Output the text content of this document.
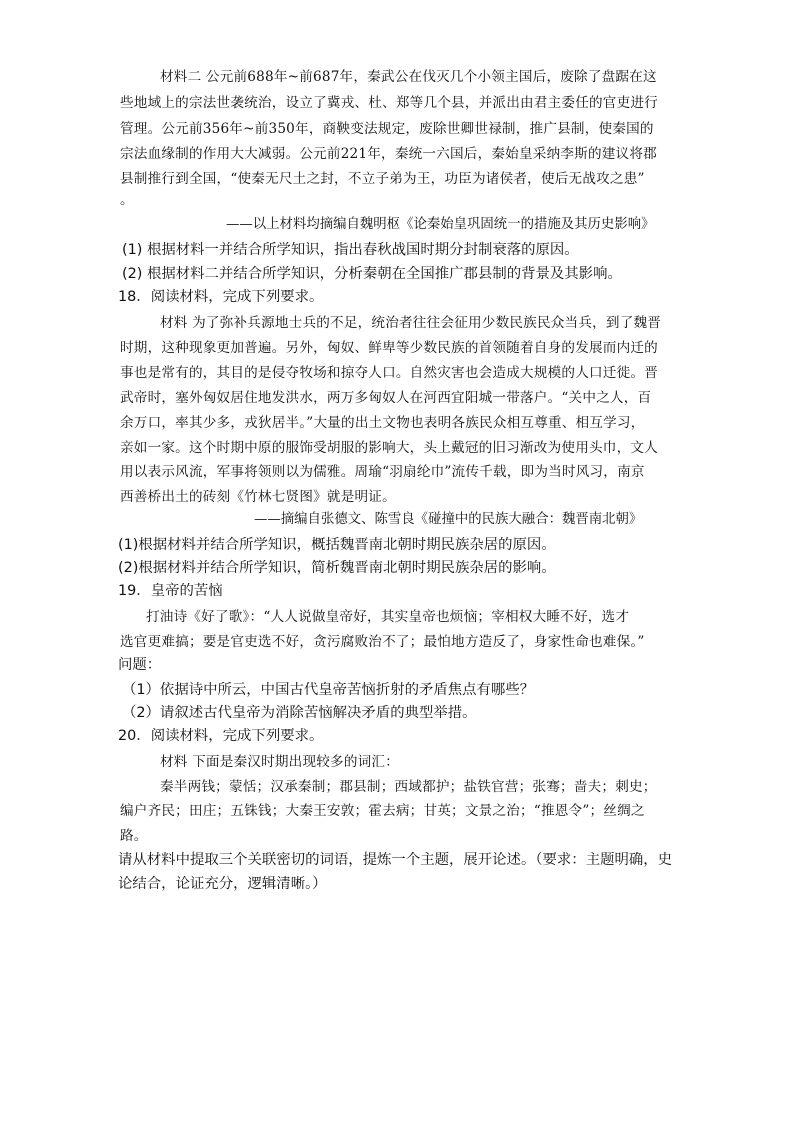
材料二 公元前688年~前687年，秦武公在伐灭几个小领主国后，废除了盘踞在这
些地域上的宗法世袭统治，设立了冀戎、杜、郑等几个县，并派出由君主委任的官吏进行
管理。公元前356年~前350年，商鞅变法规定，废除世卿世禄制，推广县制，使秦国的
宗法血缘制的作用大大减弱。公元前221年，秦统一六国后，秦始皇采纳李斯的建议将郡
县制推行到全国，“使秦无尺土之封，不立子弟为王，功臣为诸侯者，使后无战攻之患”
。
——以上材料均摘编自魏明枢《论秦始皇巩固统一的措施及其历史影响》
(1) 根据材料一并结合所学知识，指出春秋战国时期分封制衰落的原因。
(2) 根据材料二并结合所学知识，分析秦朝在全国推广郡县制的背景及其影响。
18．阅读材料，完成下列要求。
材料 为了弥补兵源地士兵的不足，统治者往往会征用少数民族民众当兵，到了魏晋
时期，这种现象更加普遍。另外，匈奴、鲜卑等少数民族的首领随着自身的发展而内迁的
事也是常有的，其目的是侵夺牧场和掠夺人口。自然灾害也会造成大规模的人口迁徙。晋
武帝时，塞外匈奴居住地发洪水，两万多匈奴人在河西宜阳城一带落户。“关中之人，百
余万口，率其少多，戎狄居半。”大量的出土文物也表明各族民众相互尊重、相互学习，
亲如一家。这个时期中原的服饰受胡服的影响大，头上戴冠的旧习渐改为使用头巾，文人
用以表示风流，军事将领则以为儒雅。周瑜“羽扇纶巾”流传千载，即为当时风习，南京
西善桥出土的砖刻《竹林七贤图》就是明证。
——摘编自张德文、陈雪良《碰撞中的民族大融合：魏晋南北朝》
(1)根据材料并结合所学知识，概括魏晋南北朝时期民族杂居的原因。
(2)根据材料并结合所学知识，简析魏晋南北朝时期民族杂居的影响。
19．皇帝的苦恼
打油诗《好了歌》：“人人说做皇帝好，其实皇帝也烦恼；宰相权大睡不好，选才
选官更难搞；要是官吏选不好，贪污腐败治不了；最怕地方造反了，身家性命也难保。”
问题：
（1）依据诗中所云，中国古代皇帝苦恼折射的矛盾焦点有哪些？
（2）请叙述古代皇帝为消除苦恼解决矛盾的典型举措。
20．阅读材料，完成下列要求。
材料 下面是秦汉时期出现较多的词汇：
秦半两钱；蒙恬；汉承秦制；郡县制；西域都护；盐铁官营；张骞；啬夫；刺史；
编户齐民；田庄；五铢钱；大秦王安敦；霍去病；甘英；文景之治；“推恩令”；丝绸之
路。
请从材料中提取三个关联密切的词语，提炼一个主题，展开论述。（要求：主题明确，史
论结合，论证充分，逻辑清晰。）
